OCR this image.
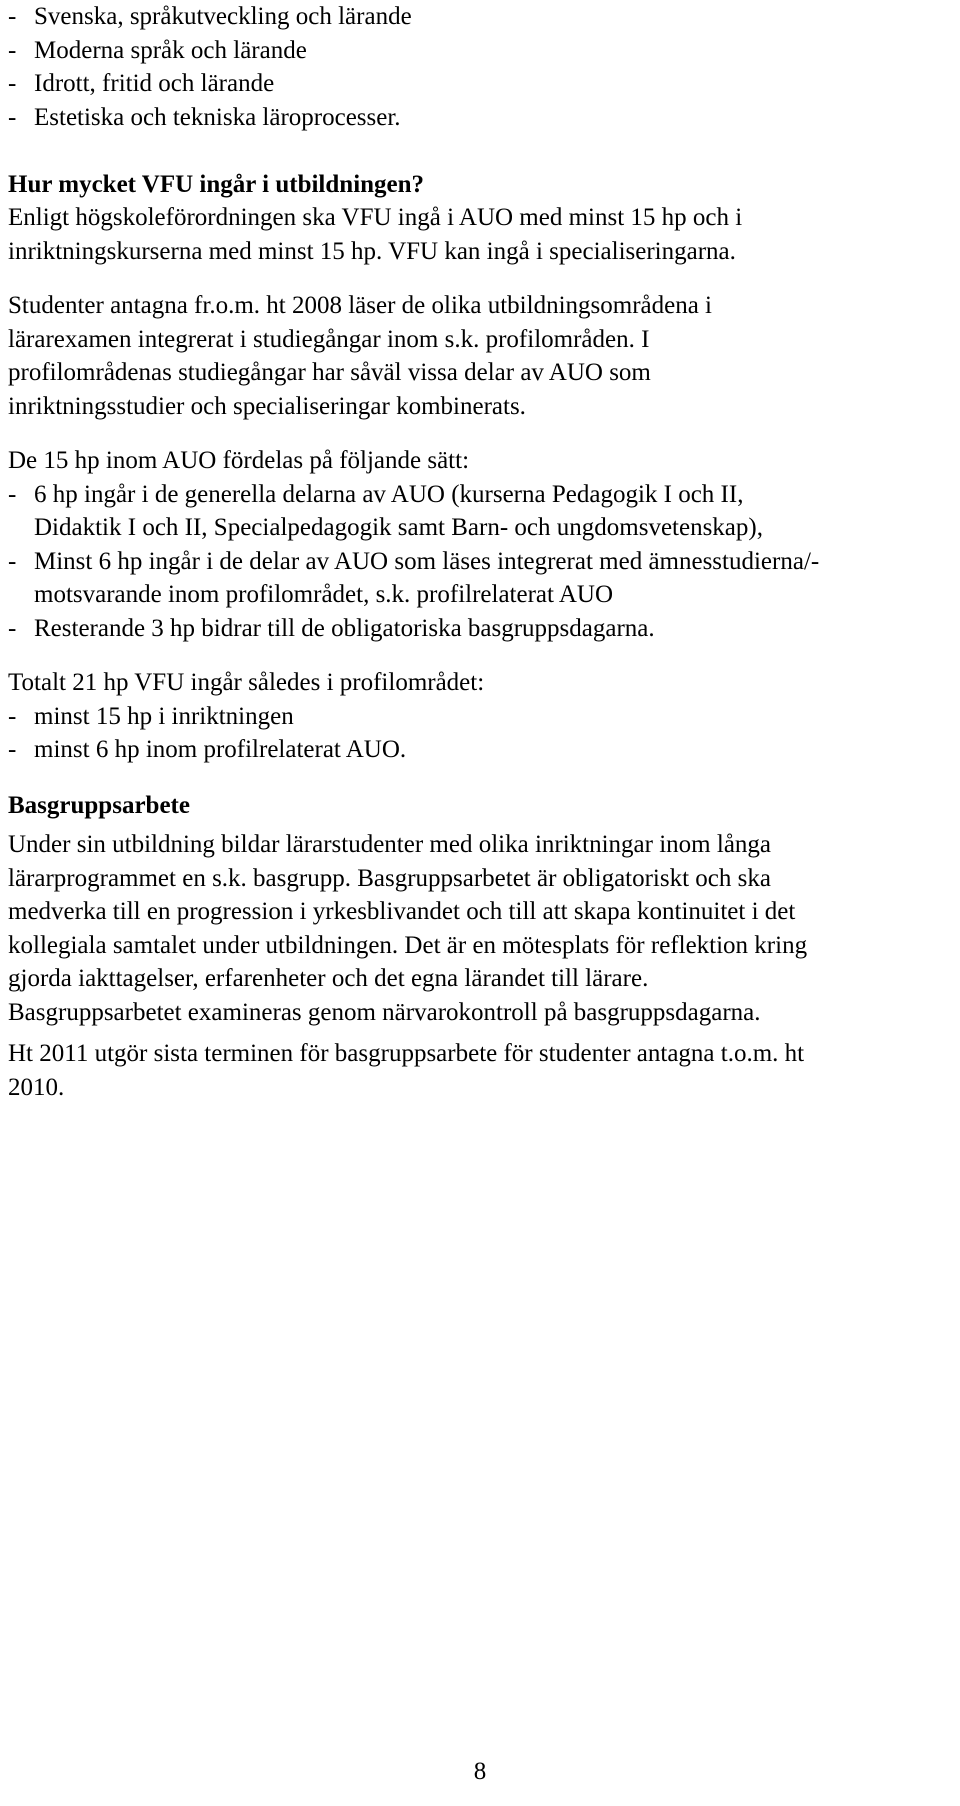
- Svenska, språkutveckling och lärande
- Moderna språk och lärande
- Idrott, fritid och lärande
- Estetiska och tekniska läroprocesser.
Hur mycket VFU ingår i utbildningen?
Enligt högskoleförordningen ska VFU ingå i AUO med minst 15 hp och i
inriktningskurserna med minst 15 hp. VFU kan ingå i specialiseringarna.
Studenter antagna fr.o.m. ht 2008 läser de olika utbildningsområdena i
lärarexamen integrerat i studiegångar inom s.k. profilområden. I
profilområdenas studiegångar har såväl vissa delar av AUO som
inriktningsstudier och specialiseringar kombinerats.
De 15 hp inom AUO fördelas på följande sätt:
- 6 hp ingår i de generella delarna av AUO (kurserna Pedagogik I och II,
Didaktik I och II, Specialpedagogik samt Barn- och ungdomsvetenskap),
- Minst 6 hp ingår i de delar av AUO som läses integrerat med ämnesstudierna/-
motsvarande inom profilområdet, s.k. profilrelaterat AUO
- Resterande 3 hp bidrar till de obligatoriska basgruppsdagarna.
Totalt 21 hp VFU ingår således i profilområdet:
- minst 15 hp i inriktningen
- minst 6 hp inom profilrelaterat AUO.
Basgruppsarbete
Under sin utbildning bildar lärarstudenter med olika inriktningar inom långa
lärarprogrammet en s.k. basgrupp. Basgruppsarbetet är obligatoriskt och ska
medverka till en progression i yrkesblivandet och till att skapa kontinuitet i det
kollegiala samtalet under utbildningen. Det är en mötesplats för reflektion kring
gjorda iakttagelser, erfarenheter och det egna lärandet till lärare.
Basgruppsarbetet examineras genom närvarokontroll på basgruppsdagarna.
Ht 2011 utgör sista terminen för basgruppsarbete för studenter antagna t.o.m. ht
2010.
8
